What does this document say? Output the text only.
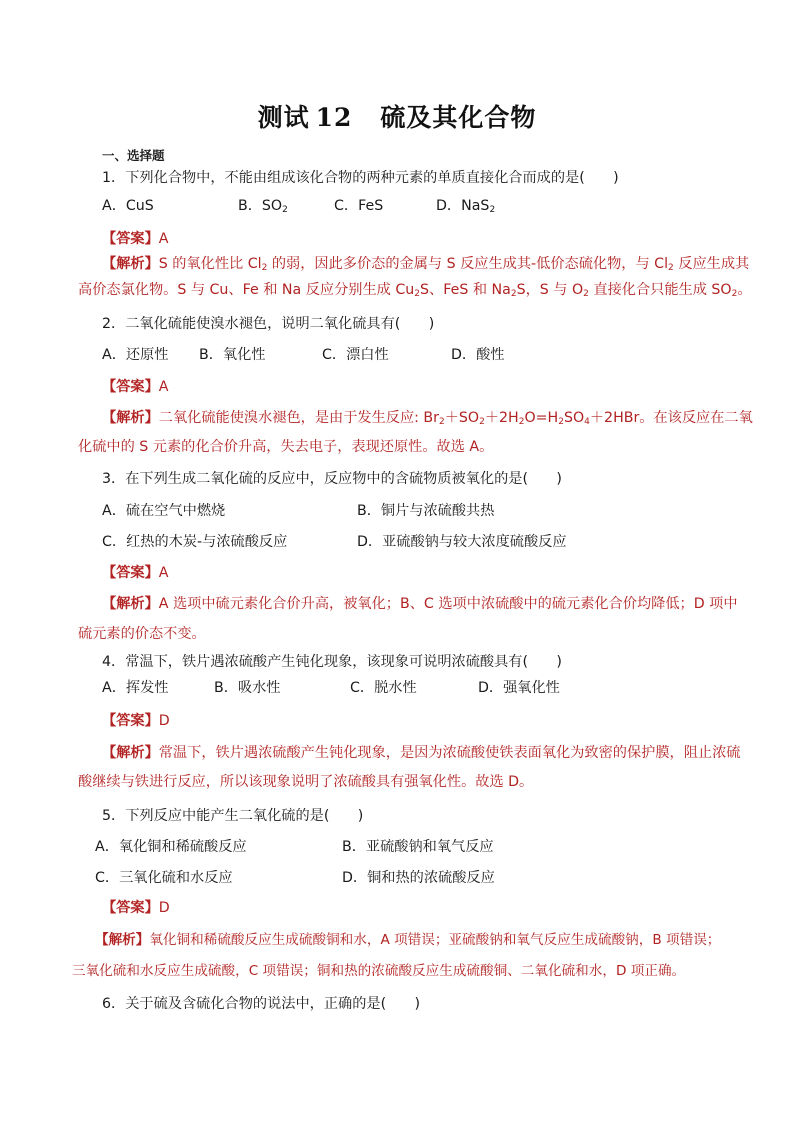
测试 12 硫及其化合物
一、选择题
1．下列化合物中，不能由组成该化合物的两种元素的单质直接化合而成的是(　　)
A．CuS	B．$SO_2$	C．FeS	D．NaS$_2$
【答案】A
【解析】S 的氧化性比 $Cl_2$ 的弱，因此多价态的金属与 S 反应生成其-低价态硫化物，与 $Cl_2$ 反应生成其
高价态氯化物。S 与 Cu、Fe 和 Na 反应分别生成 $Cu_2S$、FeS 和 $Na_2S$，S 与 $O_2$ 直接化合只能生成 $SO_2$。
2．二氧化硫能使溴水褪色，说明二氧化硫具有(　　)
A．还原性 B．氧化性	C．漂白性	D．酸性
【答案】A
【解析】二氧化硫能使溴水褪色，是由于发生反应: $Br_2+SO_2+2H_2O=H_2SO_4+2HBr$。在该反应在二氧
化硫中的 S 元素的化合价升高，失去电子，表现还原性。故选 A。
3．在下列生成二氧化硫的反应中，反应物中的含硫物质被氧化的是(　　)
A．硫在空气中燃烧	B．铜片与浓硫酸共热
C．红热的木炭-与浓硫酸反应	D．亚硫酸钠与较大浓度硫酸反应
【答案】A
【解析】A 选项中硫元素化合价升高，被氧化；B、C 选项中浓硫酸中的硫元素化合价均降低；D 项中
硫元素的价态不变。
4．常温下，铁片遇浓硫酸产生钝化现象，该现象可说明浓硫酸具有(　　)
A．挥发性	B．吸水性	C．脱水性	D．强氧化性
【答案】D
【解析】常温下，铁片遇浓硫酸产生钝化现象，是因为浓硫酸使铁表面氧化为致密的保护膜，阻止浓硫
酸继续与铁进行反应，所以该现象说明了浓硫酸具有强氧化性。故选 D。
5．下列反应中能产生二氧化硫的是(　　)
A．氧化铜和稀硫酸反应	B．亚硫酸钠和氧气反应
C．三氧化硫和水反应	D．铜和热的浓硫酸反应
【答案】D
【解析】氧化铜和稀硫酸反应生成硫酸铜和水，A 项错误；亚硫酸钠和氧气反应生成硫酸钠，B 项错误；
三氧化硫和水反应生成硫酸，C 项错误；铜和热的浓硫酸反应生成硫酸铜、二氧化硫和水，D 项正确。
6．关于硫及含硫化合物的说法中，正确的是(　　)
